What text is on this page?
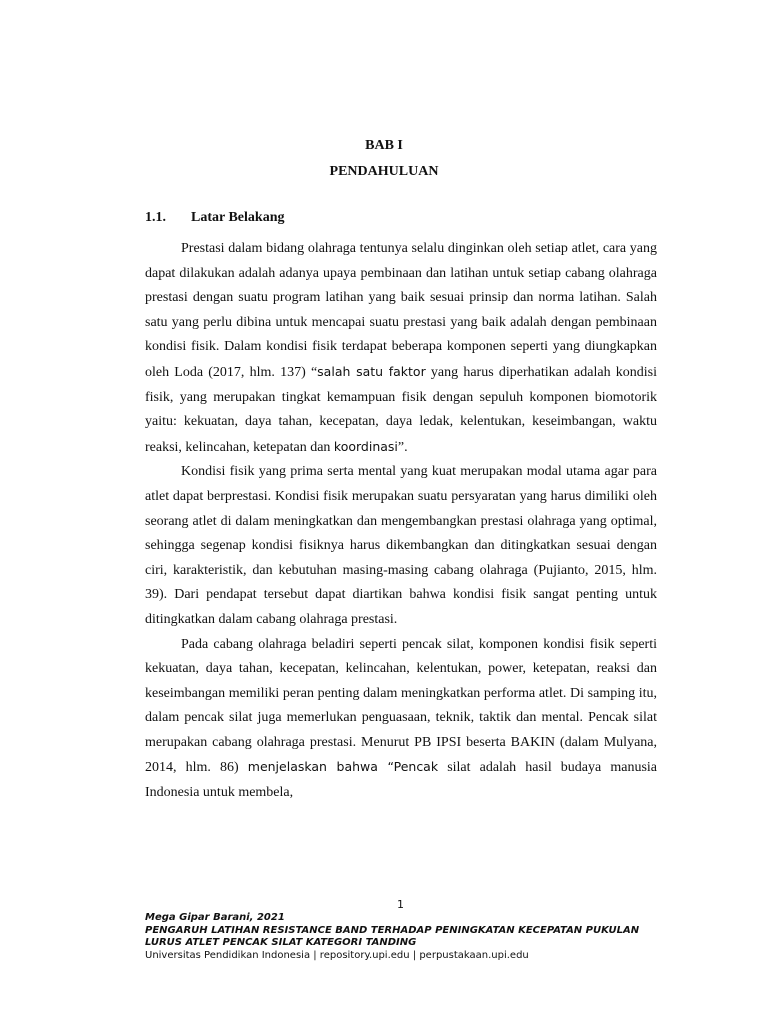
BAB I
PENDAHULUAN
1.1. Latar Belakang

Prestasi dalam bidang olahraga tentunya selalu dinginkan oleh setiap atlet, cara yang dapat dilakukan adalah adanya upaya pembinaan dan latihan untuk setiap cabang olahraga prestasi dengan suatu program latihan yang baik sesuai prinsip dan norma latihan. Salah satu yang perlu dibina untuk mencapai suatu prestasi yang baik adalah dengan pembinaan kondisi fisik. Dalam kondisi fisik terdapat beberapa komponen seperti yang diungkapkan oleh Loda (2017, hlm. 137) “salah satu faktor yang harus diperhatikan adalah kondisi fisik, yang merupakan tingkat kemampuan fisik dengan sepuluh komponen biomotorik yaitu: kekuatan, daya tahan, kecepatan, daya ledak, kelentukan, keseimbangan, waktu reaksi, kelincahan, ketepatan dan koordinasi”.

Kondisi fisik yang prima serta mental yang kuat merupakan modal utama agar para atlet dapat berprestasi. Kondisi fisik merupakan suatu persyaratan yang harus dimiliki oleh seorang atlet di dalam meningkatkan dan mengembangkan prestasi olahraga yang optimal, sehingga segenap kondisi fisiknya harus dikembangkan dan ditingkatkan sesuai dengan ciri, karakteristik, dan kebutuhan masing-masing cabang olahraga (Pujianto, 2015, hlm. 39). Dari pendapat tersebut dapat diartikan bahwa kondisi fisik sangat penting untuk ditingkatkan dalam cabang olahraga prestasi.

Pada cabang olahraga beladiri seperti pencak silat, komponen kondisi fisik seperti kekuatan, daya tahan, kecepatan, kelincahan, kelentukan, power, ketepatan, reaksi dan keseimbangan memiliki peran penting dalam meningkatkan performa atlet. Di samping itu, dalam pencak silat juga memerlukan penguasaan, teknik, taktik dan mental. Pencak silat merupakan cabang olahraga prestasi. Menurut PB IPSI beserta BAKIN (dalam Mulyana, 2014, hlm. 86) menjelaskan bahwa “Pencak silat adalah hasil budaya manusia Indonesia untuk membela,

1
Mega Gipar Barani, 2021
PENGARUH LATIHAN RESISTANCE BAND TERHADAP PENINGKATAN KECEPATAN PUKULAN
LURUS ATLET PENCAK SILAT KATEGORI TANDING
Universitas Pendidikan Indonesia | repository.upi.edu | perpustakaan.upi.edu
